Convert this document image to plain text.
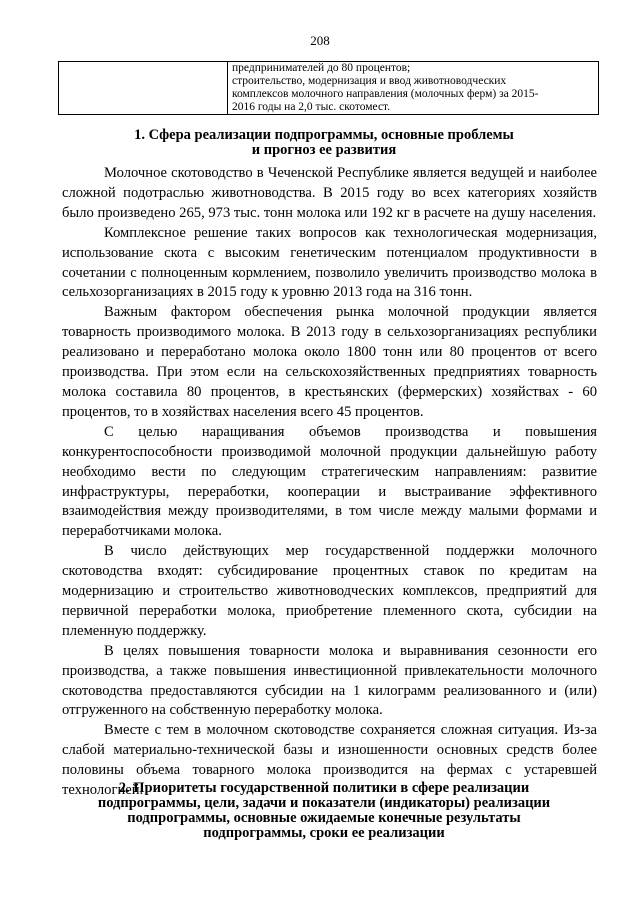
208

предпринимателей до 80 процентов;
строительство, модернизация и ввод животноводческих
комплексов молочного направления (молочных ферм) за 2015-
2016 годы на 2,0 тыс. скотомест.
1. Сфера реализации подпрограммы, основные проблемы
и прогноз ее развития

Молочное скотоводство в Чеченской Республике является ведущей и наиболее сложной подотраслью животноводства. В 2015 году во всех категориях хозяйств было произведено 265, 973 тыс. тонн молока или 192 кг в расчете на душу населения.

Комплексное решение таких вопросов как технологическая модернизация, использование скота с высоким генетическим потенциалом продуктивности в сочетании с полноценным кормлением, позволило увеличить производство молока в сельхозорганизациях в 2015 году к уровню 2013 года на 316 тонн.

Важным фактором обеспечения рынка молочной продукции является товарность производимого молока. В 2013 году в сельхозорганизациях республики реализовано и переработано молока около 1800 тонн или 80 процентов от всего производства. При этом если на сельскохозяйственных предприятиях товарность молока составила 80 процентов, в крестьянских (фермерских) хозяйствах - 60 процентов, то в хозяйствах населения всего 45 процентов.

С целью наращивания объемов производства и повышения конкурентоспособности производимой молочной продукции дальнейшую работу необходимо вести по следующим стратегическим направлениям: развитие инфраструктуры, переработки, кооперации и выстраивание эффективного взаимодействия между производителями, в том числе между малыми формами и переработчиками молока.

В число действующих мер государственной поддержки молочного скотоводства входят: субсидирование процентных ставок по кредитам на модернизацию и строительство животноводческих комплексов, предприятий для первичной переработки молока, приобретение племенного скота, субсидии на племенную поддержку.

В целях повышения товарности молока и выравнивания сезонности его производства, а также повышения инвестиционной привлекательности молочного скотоводства предоставляются субсидии на 1 килограмм реализованного и (или) отгруженного на собственную переработку молока.

Вместе с тем в молочном скотоводстве сохраняется сложная ситуация. Из-за слабой материально-технической базы и изношенности основных средств более половины объема товарного молока производится на фермах с устаревшей технологией.

2. Приоритеты государственной политики в сфере реализации
подпрограммы, цели, задачи и показатели (индикаторы) реализации
подпрограммы, основные ожидаемые конечные результаты
подпрограммы, сроки ее реализации
